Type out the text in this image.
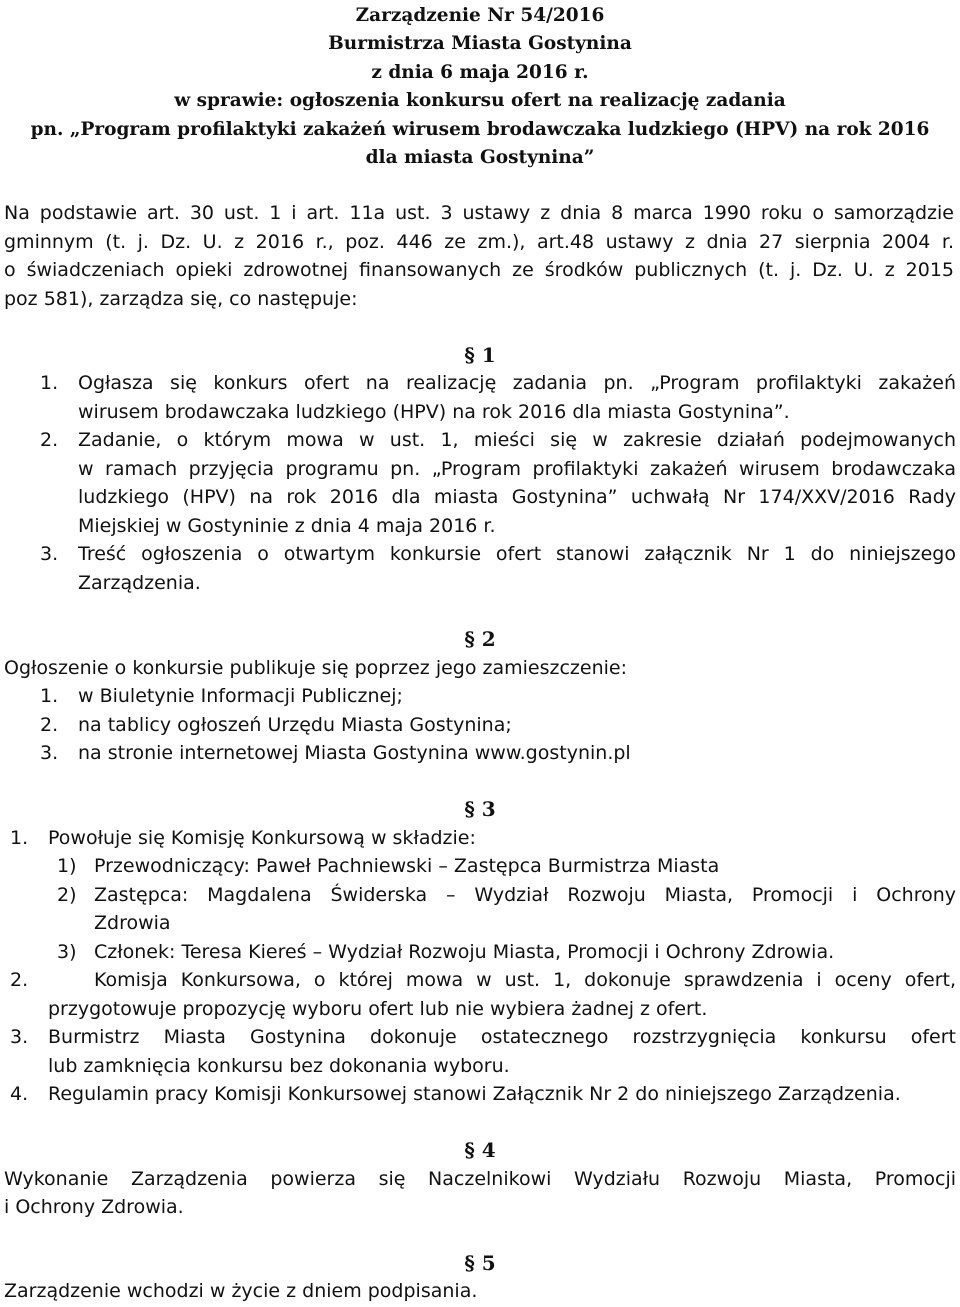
Zarządzenie Nr 54/2016
Burmistrza Miasta Gostynina
z dnia 6 maja 2016 r.
w sprawie: ogłoszenia konkursu ofert na realizację zadania
pn. „Program profilaktyki zakażeń wirusem brodawczaka ludzkiego (HPV) na rok 2016
dla miasta Gostynina”
Na podstawie art. 30 ust. 1 i art. 11a ust. 3 ustawy z dnia 8 marca 1990 roku o samorządzie
gminnym (t. j. Dz. U. z 2016 r., poz. 446 ze zm.), art.48 ustawy z dnia 27 sierpnia 2004 r.
o świadczeniach opieki zdrowotnej finansowanych ze środków publicznych (t. j. Dz. U. z 2015
poz 581), zarządza się, co następuje:
§ 1
1.	Ogłasza się konkurs ofert na realizację zadania pn. „Program profilaktyki zakażeń
wirusem brodawczaka ludzkiego (HPV) na rok 2016 dla miasta Gostynina”.
2.	Zadanie, o którym mowa w ust. 1, mieści się w zakresie działań podejmowanych
w ramach przyjęcia programu pn. „Program profilaktyki zakażeń wirusem brodawczaka
ludzkiego (HPV) na rok 2016 dla miasta Gostynina” uchwałą Nr 174/XXV/2016 Rady
Miejskiej w Gostyninie z dnia 4 maja 2016 r.
3.	Treść ogłoszenia o otwartym konkursie ofert stanowi załącznik Nr 1 do niniejszego
Zarządzenia.
§ 2
Ogłoszenie o konkursie publikuje się poprzez jego zamieszczenie:
1.	w Biuletynie Informacji Publicznej;
2.	na tablicy ogłoszeń Urzędu Miasta Gostynina;
3.	na stronie internetowej Miasta Gostynina www.gostynin.pl
§ 3
1.	Powołuje się Komisję Konkursową w składzie:
1) Przewodniczący: Paweł Pachniewski – Zastępca Burmistrza Miasta
2) Zastępca: Magdalena Świderska – Wydział Rozwoju Miasta, Promocji i Ochrony
Zdrowia
3) Członek: Teresa Kiereś – Wydział Rozwoju Miasta, Promocji i Ochrony Zdrowia.
2.	Komisja Konkursowa, o której mowa w ust. 1, dokonuje sprawdzenia i oceny ofert,
przygotowuje propozycję wyboru ofert lub nie wybiera żadnej z ofert.
3.	Burmistrz Miasta Gostynina dokonuje ostatecznego rozstrzygnięcia konkursu ofert
lub zamknięcia konkursu bez dokonania wyboru.
4.	Regulamin pracy Komisji Konkursowej stanowi Załącznik Nr 2 do niniejszego Zarządzenia.
§ 4
Wykonanie Zarządzenia powierza się Naczelnikowi Wydziału Rozwoju Miasta, Promocji
i Ochrony Zdrowia.
§ 5
Zarządzenie wchodzi w życie z dniem podpisania.
